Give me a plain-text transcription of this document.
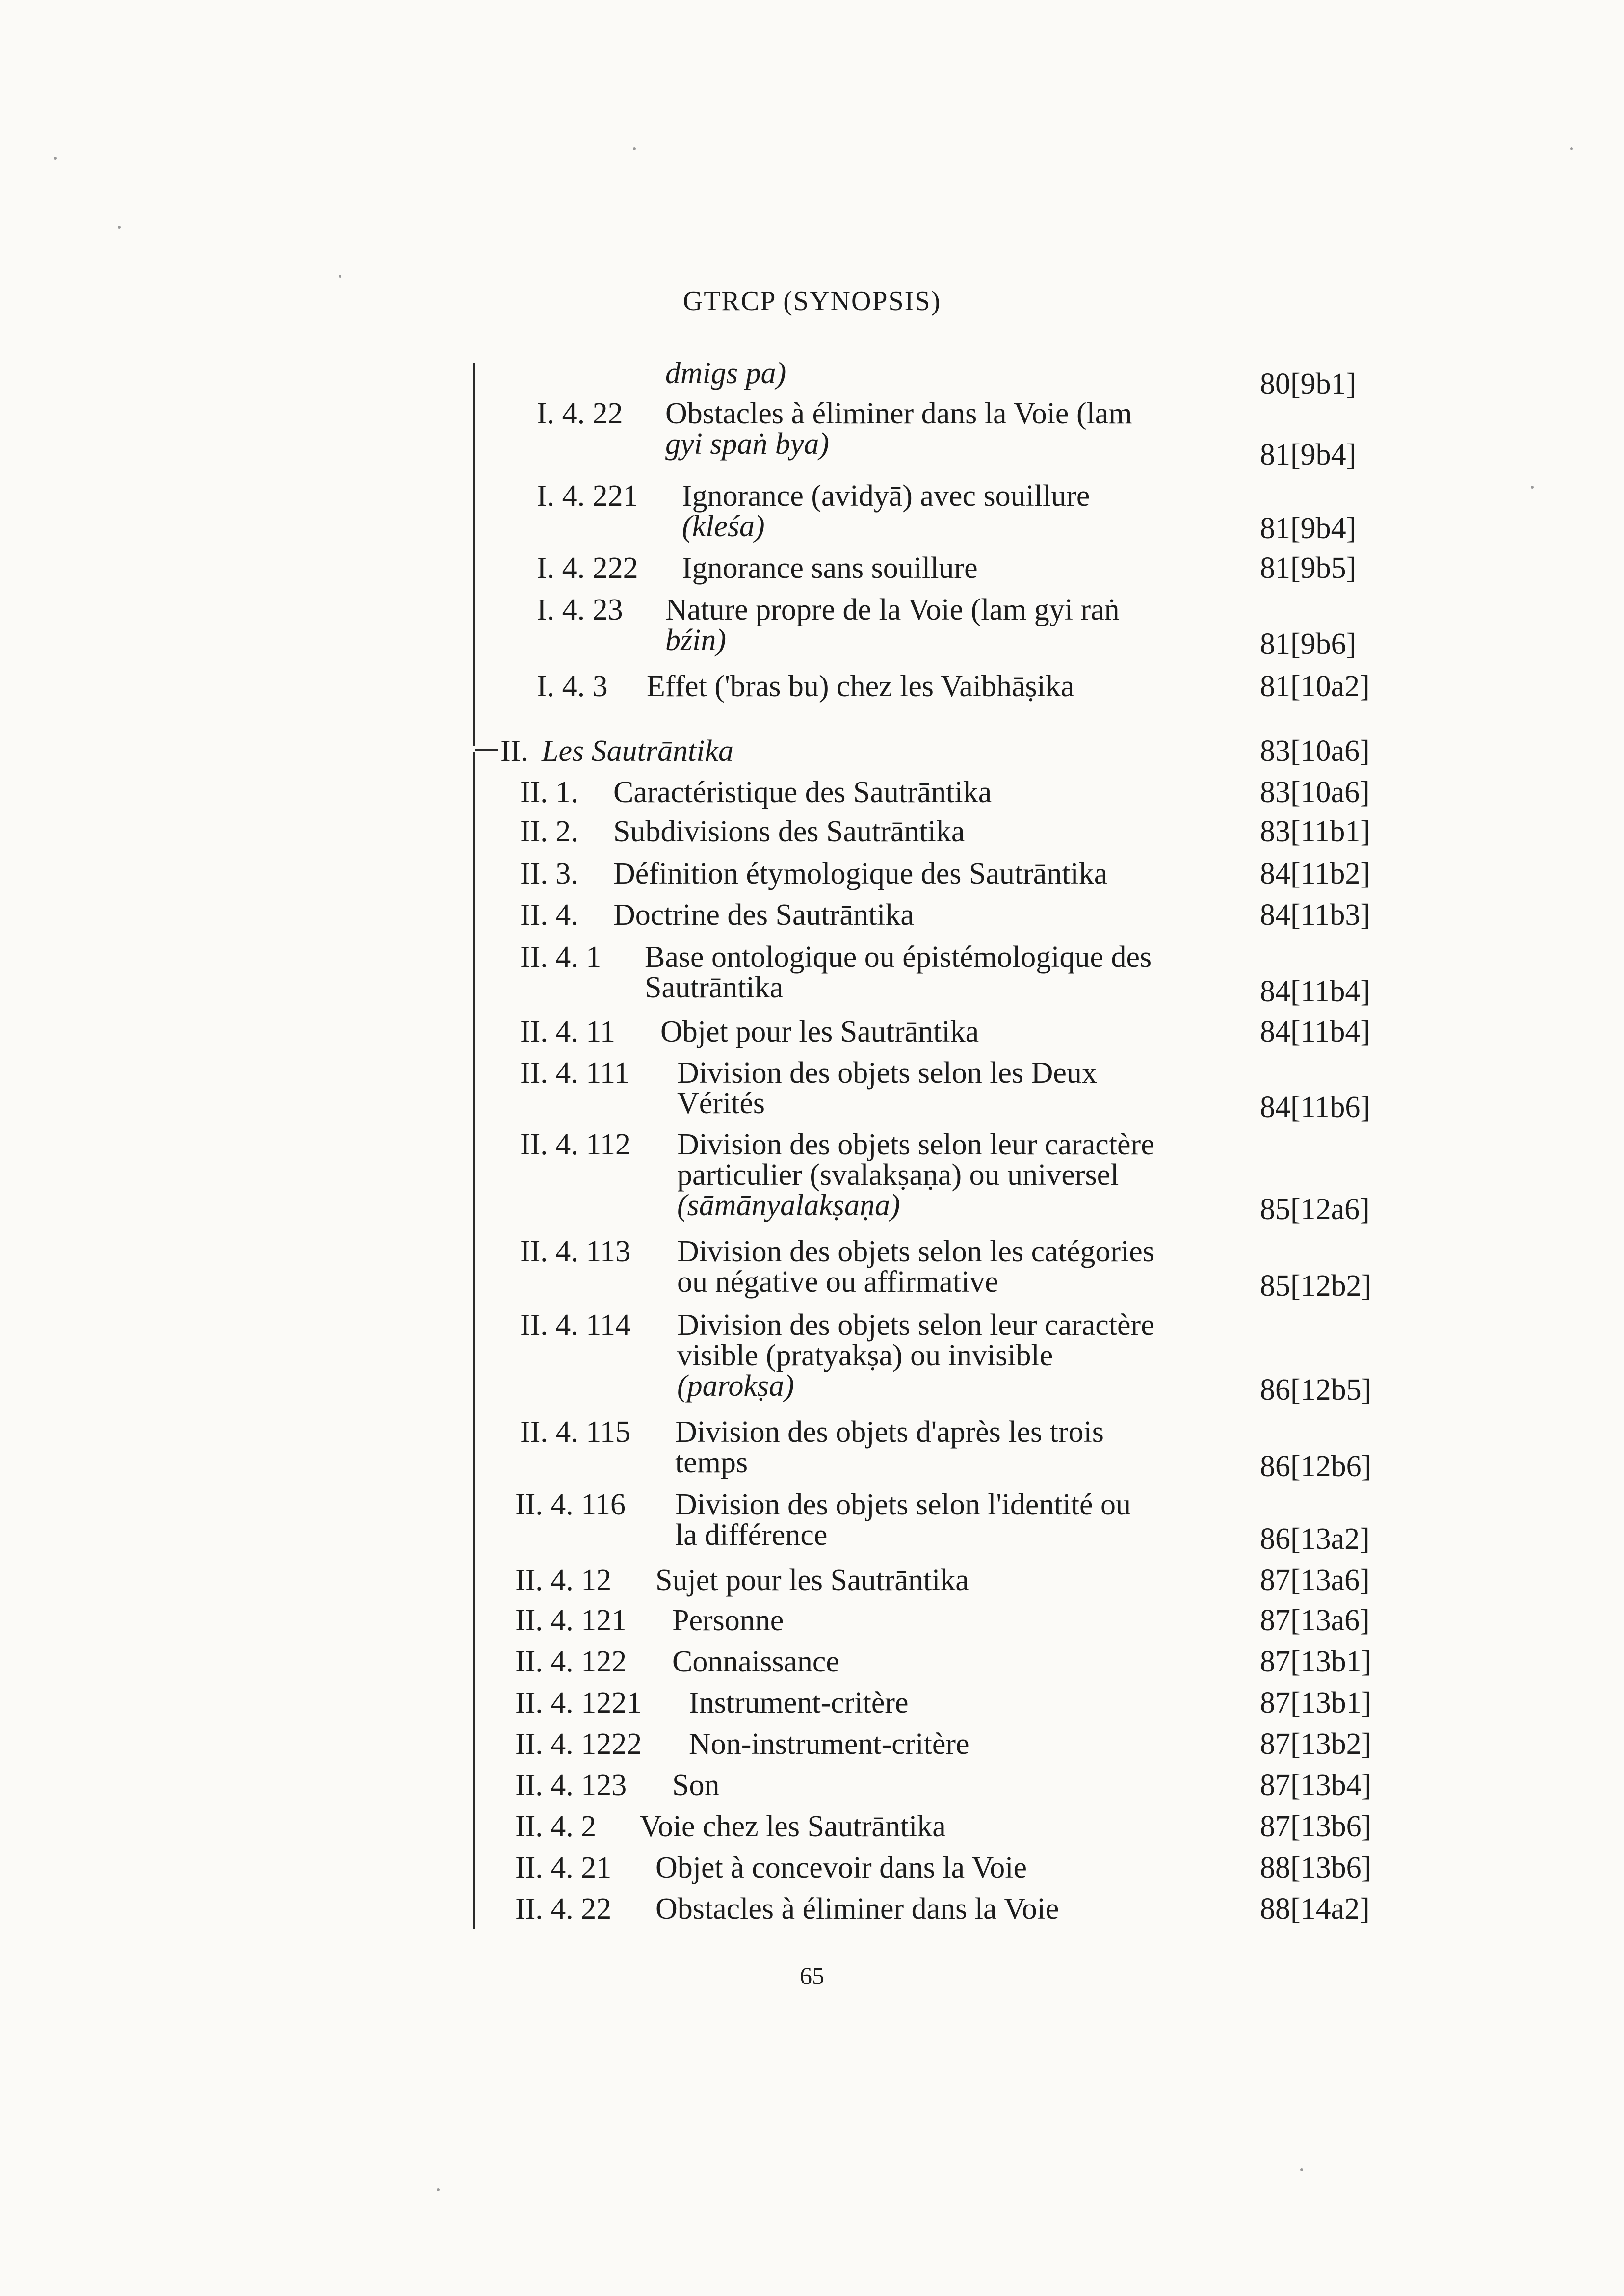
GTRCP (SYNOPSIS)
dmigs pa)	80[9b1]
I. 4. 22 Obstacles à éliminer dans la Voie (lam
gyi spaṅ bya)	81[9b4]
I. 4. 221 Ignorance (avidyā) avec souillure
(kleśa)	81[9b4]
I. 4. 222 Ignorance sans souillure	81[9b5]
I. 4. 23 Nature propre de la Voie (lam gyi raṅ
bźin)	81[9b6]
I. 4. 3 Effet ('bras bu) chez les Vaibhāṣika	81[10a2]
II. Les Sautrāntika	83[10a6]
II. 1. Caractéristique des Sautrāntika	83[10a6]
II. 2. Subdivisions des Sautrāntika	83[11b1]
II. 3. Définition étymologique des Sautrāntika	84[11b2]
II. 4. Doctrine des Sautrāntika	84[11b3]
II. 4. 1 Base ontologique ou épistémologique des
Sautrāntika	84[11b4]
II. 4. 11 Objet pour les Sautrāntika	84[11b4]
II. 4. 111 Division des objets selon les Deux
Vérités	84[11b6]
II. 4. 112 Division des objets selon leur caractère
particulier (svalakṣaṇa) ou universel
(sāmānyalakṣaṇa)	85[12a6]
II. 4. 113 Division des objets selon les catégories
ou négative ou affirmative	85[12b2]
II. 4. 114 Division des objets selon leur caractère
visible (pratyakṣa) ou invisible
(parokṣa)	86[12b5]
II. 4. 115 Division des objets d'après les trois
temps	86[12b6]
II. 4. 116 Division des objets selon l'identité ou
la différence	86[13a2]
II. 4. 12 Sujet pour les Sautrāntika	87[13a6]
II. 4. 121 Personne	87[13a6]
II. 4. 122 Connaissance	87[13b1]
II. 4. 1221 Instrument-critère	87[13b1]
II. 4. 1222 Non-instrument-critère	87[13b2]
II. 4. 123 Son	87[13b4]
II. 4. 2 Voie chez les Sautrāntika	87[13b6]
II. 4. 21 Objet à concevoir dans la Voie	88[13b6]
II. 4. 22 Obstacles à éliminer dans la Voie	88[14a2]
65
